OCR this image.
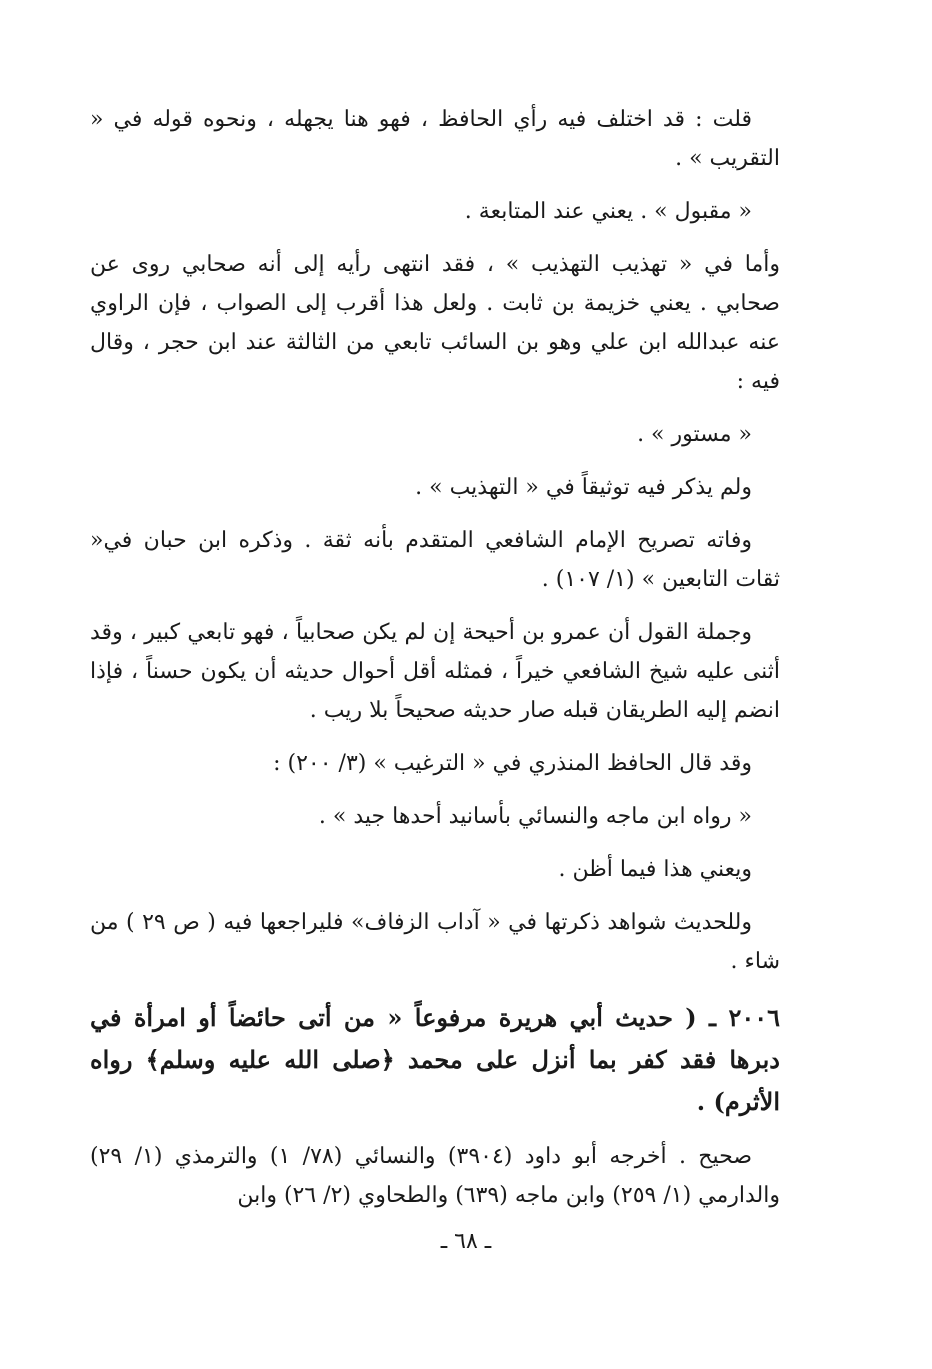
قلت : قد اختلف فيه رأي الحافظ ، فهو هنا يجهله ، ونحوه قوله في « التقريب » .

« مقبول » . يعني عند المتابعة .

وأما في « تهذيب التهذيب » ، فقد انتهى رأيه إلى أنه صحابي روى عن صحابي . يعني خزيمة بن ثابت . ولعل هذا أقرب إلى الصواب ، فإن الراوي عنه عبدالله ابن علي وهو بن السائب تابعي من الثالثة عند ابن حجر ، وقال فيه :

« مستور » .

ولم يذكر فيه توثيقاً في « التهذيب » .

وفاته تصريح الإمام الشافعي المتقدم بأنه ثقة . وذكره ابن حبان في« ثقات التابعين » (١/ ١٠٧) .

وجملة القول أن عمرو بن أحيحة إن لم يكن صحابياً ، فهو تابعي كبير ، وقد أثنى عليه شيخ الشافعي خيراً ، فمثله أقل أحوال حديثه أن يكون حسناً ، فإذا انضم إليه الطريقان قبله صار حديثه صحيحاً بلا ريب .

وقد قال الحافظ المنذري في « الترغيب » (٣/ ٢٠٠) :

« رواه ابن ماجه والنسائي بأسانيد أحدها جيد » .

ويعني هذا فيما أظن .

وللحديث شواهد ذكرتها في « آداب الزفاف» فليراجعها فيه ( ص ٢٩ ) من شاء .

٢٠٠٦ ـ ( حديث أبي هريرة مرفوعاً « من أتى حائضاً أو امرأة في دبرها فقد كفر بما أنزل على محمد ﴿صلى الله عليه وسلم﴾ رواه الأثرم) .

صحيح . أخرجه أبو داود (٣٩٠٤) والنسائي (٧٨/ ١) والترمذي (١/ ٢٩) والدارمي (١/ ٢٥٩) وابن ماجه (٦٣٩) والطحاوي (٢/ ٢٦) وابن

ـ ٦٨ ـ
